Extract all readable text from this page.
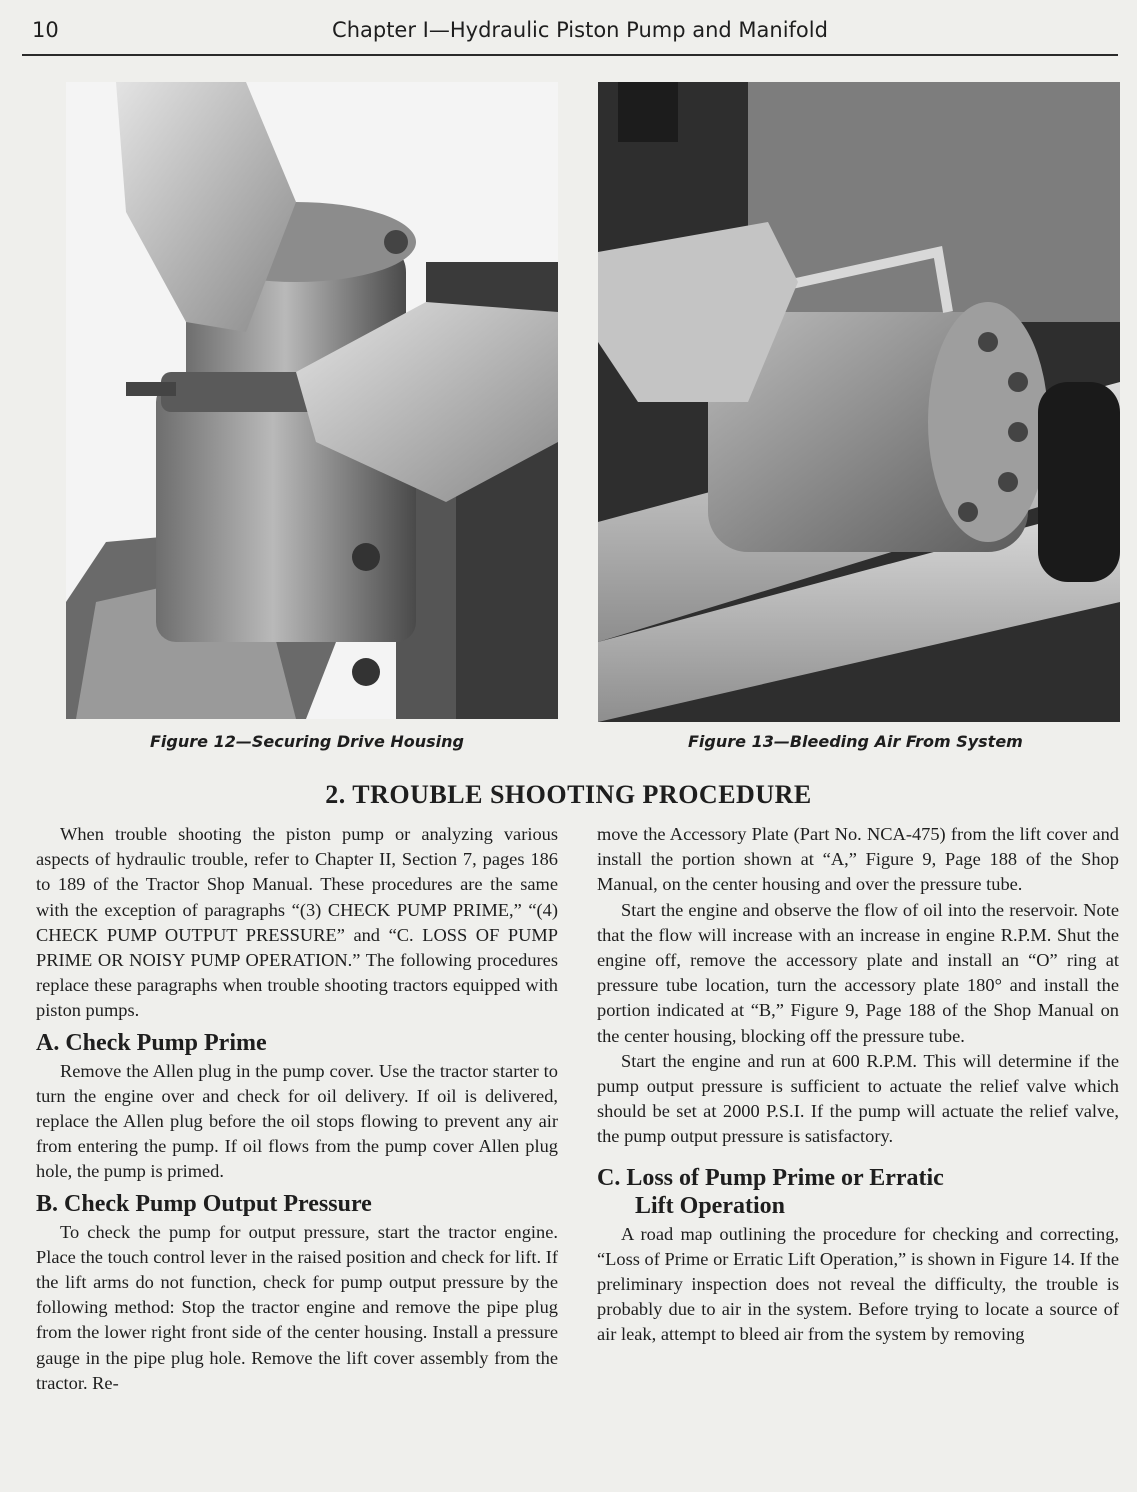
10	Chapter I—Hydraulic Piston Pump and Manifold
Figure 12—Securing Drive Housing	Figure 13—Bleeding Air From System
2. TROUBLE SHOOTING PROCEDURE

When trouble shooting the piston pump or analyzing various aspects of hydraulic trouble, refer to Chapter II, Section 7, pages 186 to 189 of the Tractor Shop Manual. These procedures are the same with the exception of paragraphs “(3) CHECK PUMP PRIME,” “(4) CHECK PUMP OUTPUT PRESSURE” and “C. LOSS OF PUMP PRIME OR NOISY PUMP OPERATION.” The following procedures replace these paragraphs when trouble shooting tractors equipped with piston pumps.

A. Check Pump Prime

Remove the Allen plug in the pump cover. Use the tractor starter to turn the engine over and check for oil delivery. If oil is delivered, replace the Allen plug before the oil stops flowing to prevent any air from entering the pump. If oil flows from the pump cover Allen plug hole, the pump is primed.

B. Check Pump Output Pressure

To check the pump for output pressure, start the tractor engine. Place the touch control lever in the raised position and check for lift. If the lift arms do not function, check for pump output pressure by the following method: Stop the tractor engine and remove the pipe plug from the lower right front side of the center housing. Install a pressure gauge in the pipe plug hole. Remove the lift cover assembly from the tractor. Re-

move the Accessory Plate (Part No. NCA-475) from the lift cover and install the portion shown at “A,” Figure 9, Page 188 of the Shop Manual, on the center housing and over the pressure tube.

Start the engine and observe the flow of oil into the reservoir. Note that the flow will increase with an increase in engine R.P.M. Shut the engine off, remove the accessory plate and install an “O” ring at pressure tube location, turn the accessory plate 180° and install the portion indicated at “B,” Figure 9, Page 188 of the Shop Manual on the center housing, blocking off the pressure tube.

Start the engine and run at 600 R.P.M. This will determine if the pump output pressure is sufficient to actuate the relief valve which should be set at 2000 P.S.I. If the pump will actuate the relief valve, the pump output pressure is satisfactory.

C. Loss of Pump Prime or Erratic
Lift Operation

A road map outlining the procedure for checking and correcting, “Loss of Prime or Erratic Lift Operation,” is shown in Figure 14. If the preliminary inspection does not reveal the difficulty, the trouble is probably due to air in the system. Before trying to locate a source of air leak, attempt to bleed air from the system by removing
